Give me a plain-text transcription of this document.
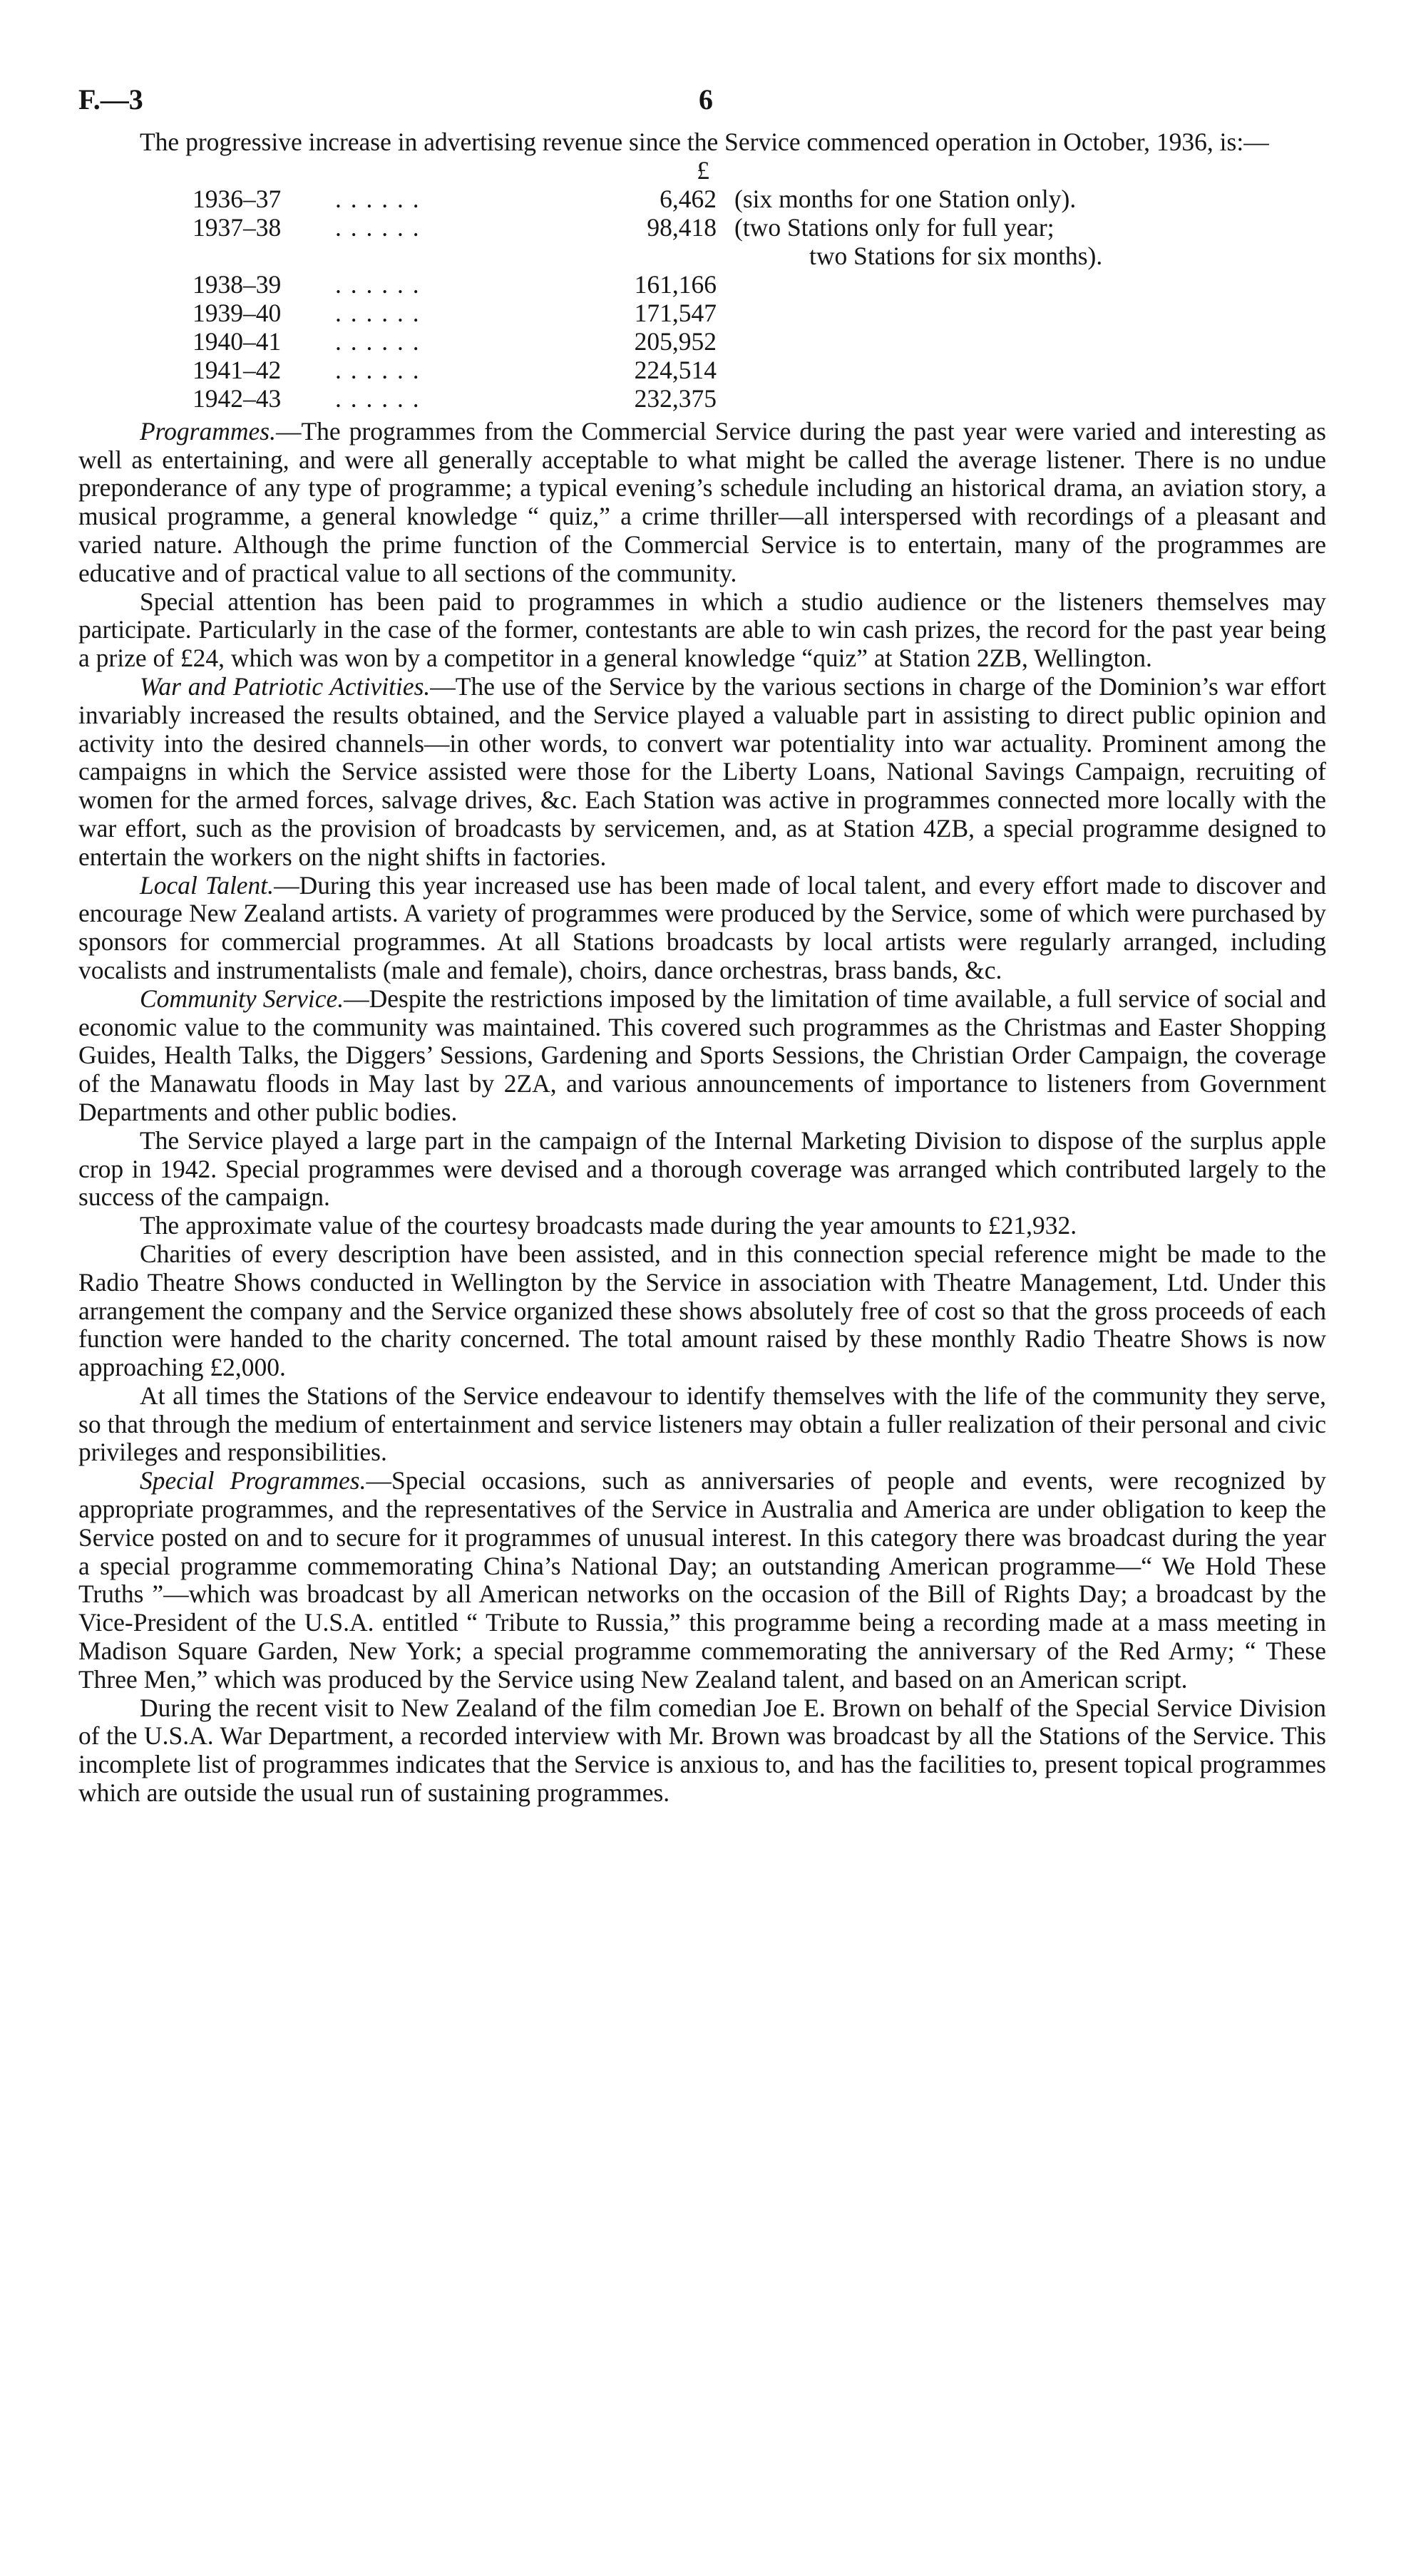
F.—3	6

The progressive increase in advertising revenue since the Service commenced operation in October, 1936, is:—

£
1936–37 . . . . . .	6,462 (six months for one Station only).
1937–38 . . . . . .	98,418 (two Stations only for full year;
two Stations for six months).
1938–39 . . . . . .	161,166
1939–40 . . . . . .	171,547
1940–41 . . . . . .	205,952
1941–42 . . . . . .	224,514
1942–43 . . . . . .	232,375

Programmes.—The programmes from the Commercial Service during the past year were varied and interesting as well as entertaining, and were all generally acceptable to what might be called the average listener. There is no undue preponderance of any type of programme; a typical evening’s schedule including an historical drama, an aviation story, a musical programme, a general knowledge “ quiz,” a crime thriller—all interspersed with recordings of a pleasant and varied nature. Although the prime function of the Commercial Service is to entertain, many of the programmes are educative and of practical value to all sections of the community.

Special attention has been paid to programmes in which a studio audience or the listeners themselves may participate. Particularly in the case of the former, contestants are able to win cash prizes, the record for the past year being a prize of £24, which was won by a competitor in a general knowledge “quiz” at Station 2ZB, Wellington.

War and Patriotic Activities.—The use of the Service by the various sections in charge of the Dominion’s war effort invariably increased the results obtained, and the Service played a valuable part in assisting to direct public opinion and activity into the desired channels—in other words, to convert war potentiality into war actuality. Prominent among the campaigns in which the Service assisted were those for the Liberty Loans, National Savings Campaign, recruiting of women for the armed forces, salvage drives, &c. Each Station was active in programmes connected more locally with the war effort, such as the provision of broadcasts by servicemen, and, as at Station 4ZB, a special programme designed to entertain the workers on the night shifts in factories.

Local Talent.—During this year increased use has been made of local talent, and every effort made to discover and encourage New Zealand artists. A variety of programmes were produced by the Service, some of which were purchased by sponsors for commercial programmes. At all Stations broadcasts by local artists were regularly arranged, including vocalists and instrumentalists (male and female), choirs, dance orchestras, brass bands, &c.

Community Service.—Despite the restrictions imposed by the limitation of time available, a full service of social and economic value to the community was maintained. This covered such programmes as the Christmas and Easter Shopping Guides, Health Talks, the Diggers’ Sessions, Gardening and Sports Sessions, the Christian Order Campaign, the coverage of the Manawatu floods in May last by 2ZA, and various announcements of importance to listeners from Government Departments and other public bodies.

The Service played a large part in the campaign of the Internal Marketing Division to dispose of the surplus apple crop in 1942. Special programmes were devised and a thorough coverage was arranged which contributed largely to the success of the campaign.

The approximate value of the courtesy broadcasts made during the year amounts to £21,932.

Charities of every description have been assisted, and in this connection special reference might be made to the Radio Theatre Shows conducted in Wellington by the Service in association with Theatre Management, Ltd. Under this arrangement the company and the Service organized these shows absolutely free of cost so that the gross proceeds of each function were handed to the charity concerned. The total amount raised by these monthly Radio Theatre Shows is now approaching £2,000.

At all times the Stations of the Service endeavour to identify themselves with the life of the community they serve, so that through the medium of entertainment and service listeners may obtain a fuller realization of their personal and civic privileges and responsibilities.

Special Programmes.—Special occasions, such as anniversaries of people and events, were recognized by appropriate programmes, and the representatives of the Service in Australia and America are under obligation to keep the Service posted on and to secure for it programmes of unusual interest. In this category there was broadcast during the year a special programme commemorating China’s National Day; an outstanding American programme—“ We Hold These Truths ”—which was broadcast by all American networks on the occasion of the Bill of Rights Day; a broadcast by the Vice-President of the U.S.A. entitled “ Tribute to Russia,” this programme being a recording made at a mass meeting in Madison Square Garden, New York; a special programme commemorating the anniversary of the Red Army; “ These Three Men,” which was produced by the Service using New Zealand talent, and based on an American script.

During the recent visit to New Zealand of the film comedian Joe E. Brown on behalf of the Special Service Division of the U.S.A. War Department, a recorded interview with Mr. Brown was broadcast by all the Stations of the Service. This incomplete list of programmes indicates that the Service is anxious to, and has the facilities to, present topical programmes which are outside the usual run of sustaining programmes.
